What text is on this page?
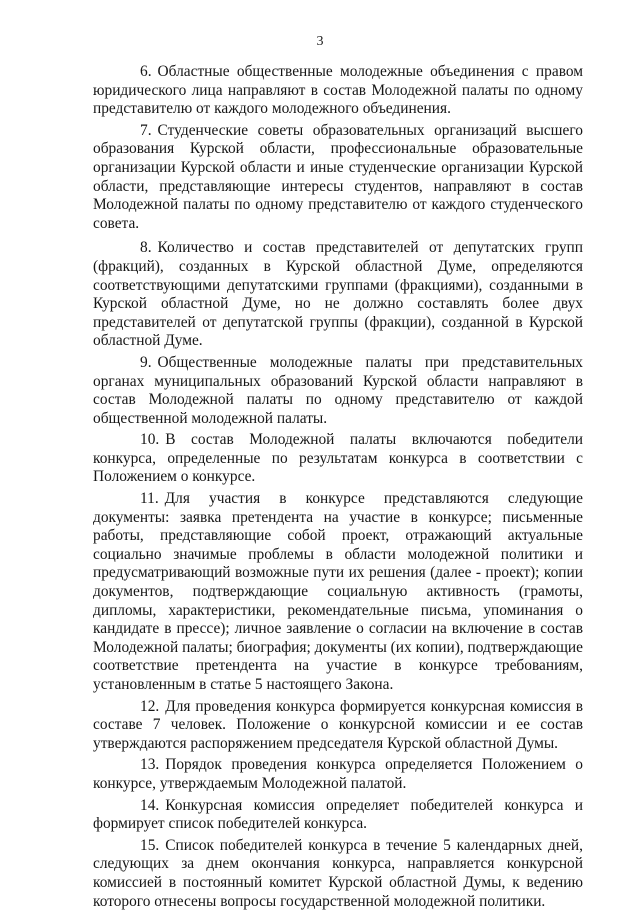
3

6. Областные общественные молодежные объединения с правом юридического лица направляют в состав Молодежной палаты по одному представителю от каждого молодежного объединения.

7. Студенческие советы образовательных организаций высшего образования Курской области, профессиональные образовательные организации Курской области и иные студенческие организации Курской области, представляющие интересы студентов, направляют в состав Молодежной палаты по одному представителю от каждого студенческого совета.

8. Количество и состав представителей от депутатских групп (фракций), созданных в Курской областной Думе, определяются соответствующими депутатскими группами (фракциями), созданными в Курской областной Думе, но не должно составлять более двух представителей от депутатской группы (фракции), созданной в Курской областной Думе.

9. Общественные молодежные палаты при представительных органах муниципальных образований Курской области направляют в состав Молодежной палаты по одному представителю от каждой общественной молодежной палаты.

10. В состав Молодежной палаты включаются победители конкурса, определенные по результатам конкурса в соответствии с Положением о конкурсе.

11. Для участия в конкурсе представляются следующие документы: заявка претендента на участие в конкурсе; письменные работы, представляющие собой проект, отражающий актуальные социально значимые проблемы в области молодежной политики и предусматривающий возможные пути их решения (далее - проект); копии документов, подтверждающие социальную активность (грамоты, дипломы, характеристики, рекомендательные письма, упоминания о кандидате в прессе); личное заявление о согласии на включение в состав Молодежной палаты; биография; документы (их копии), подтверждающие соответствие претендента на участие в конкурсе требованиям, установленным в статье 5 настоящего Закона.

12. Для проведения конкурса формируется конкурсная комиссия в составе 7 человек. Положение о конкурсной комиссии и ее состав утверждаются распоряжением председателя Курской областной Думы.

13. Порядок проведения конкурса определяется Положением о конкурсе, утверждаемым Молодежной палатой.

14. Конкурсная комиссия определяет победителей конкурса и формирует список победителей конкурса.

15. Список победителей конкурса в течение 5 календарных дней, следующих за днем окончания конкурса, направляется конкурсной комиссией в постоянный комитет Курской областной Думы, к ведению которого отнесены вопросы государственной молодежной политики.
